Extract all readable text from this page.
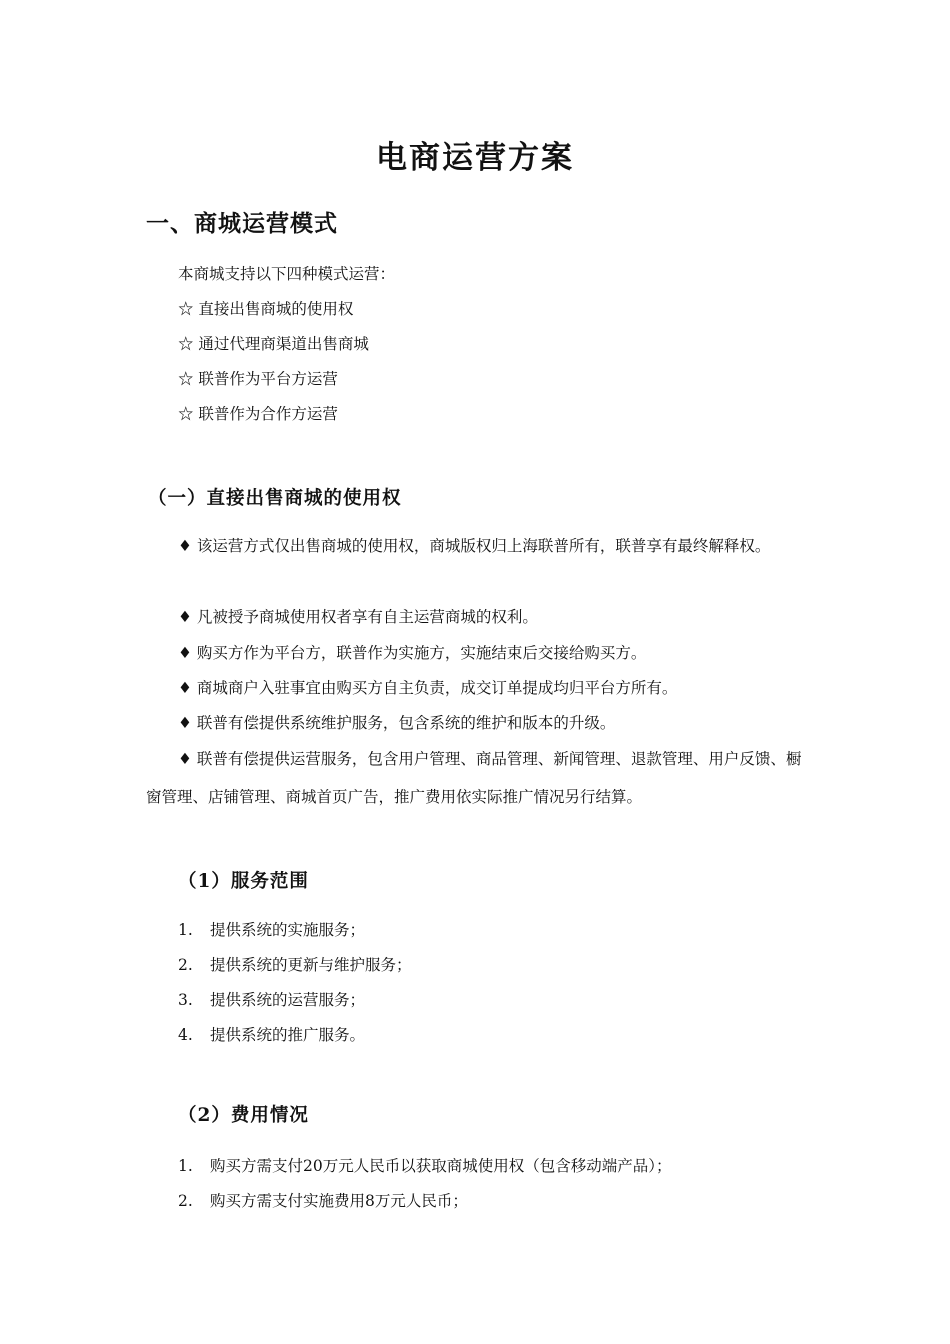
电商运营方案
一、商城运营模式

本商城支持以下四种模式运营：

☆ 直接出售商城的使用权

☆ 通过代理商渠道出售商城

☆ 联普作为平台方运营

☆ 联普作为合作方运营

（一）直接出售商城的使用权

♦ 该运营方式仅出售商城的使用权，商城版权归上海联普所有，联普享有最终解释权。

♦ 凡被授予商城使用权者享有自主运营商城的权利。

♦ 购买方作为平台方，联普作为实施方，实施结束后交接给购买方。

♦ 商城商户入驻事宜由购买方自主负责，成交订单提成均归平台方所有。

♦ 联普有偿提供系统维护服务，包含系统的维护和版本的升级。

♦ 联普有偿提供运营服务，包含用户管理、商品管理、新闻管理、退款管理、用户反馈、橱窗管理、店铺管理、商城首页广告，推广费用依实际推广情况另行结算。

（1）服务范围

1. 提供系统的实施服务；

2. 提供系统的更新与维护服务；

3. 提供系统的运营服务；

4. 提供系统的推广服务。

（2）费用情况

1. 购买方需支付20万元人民币以获取商城使用权（包含移动端产品）；

2. 购买方需支付实施费用8万元人民币；
